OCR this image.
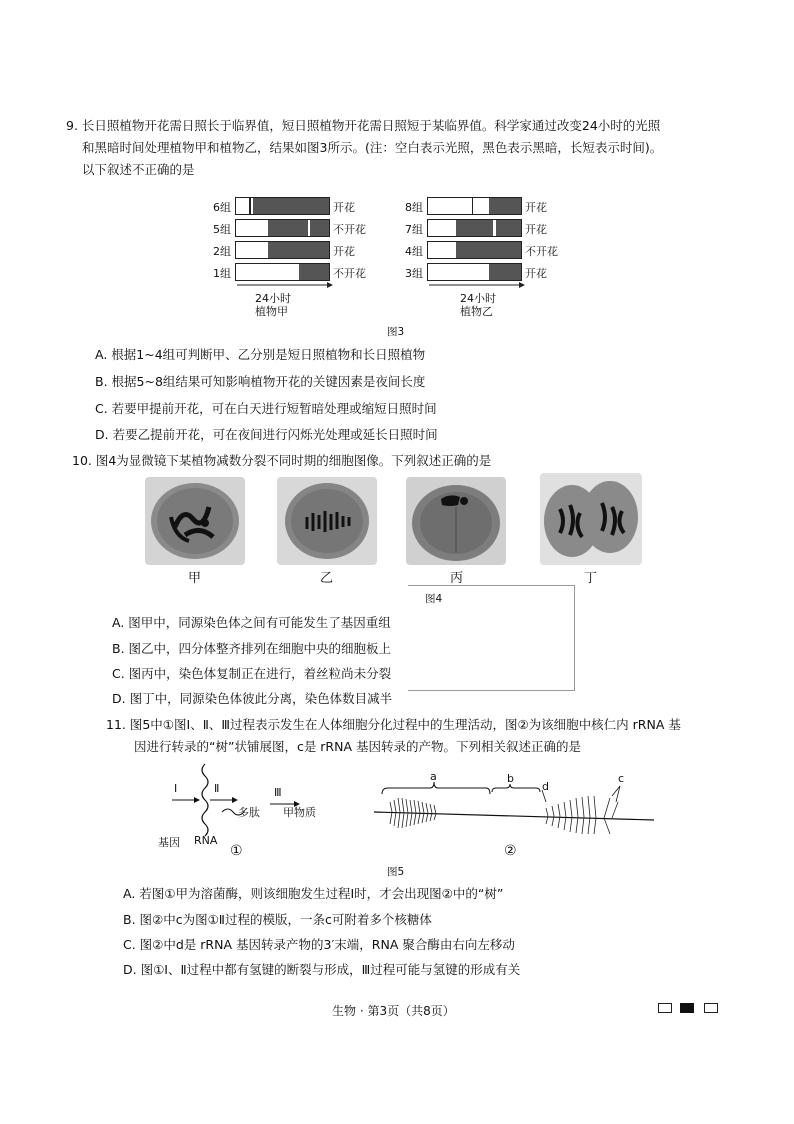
9. 长日照植物开花需日照长于临界值，短日照植物开花需日照短于某临界值。科学家通过改变24小时的光照
和黑暗时间处理植物甲和植物乙，结果如图3所示。(注：空白表示光照，黑色表示黑暗，长短表示时间)。
以下叙述不正确的是
6组	开花
5组	不开花
2组	开花
1组	不开花
8组	开花
7组	开花
4组	不开花
3组	开花
24小时
植物甲
24小时
植物乙
图3
A. 根据1~4组可判断甲、乙分别是短日照植物和长日照植物
B. 根据5~8组结果可知影响植物开花的关键因素是夜间长度
C. 若要甲提前开花，可在白天进行短暂暗处理或缩短日照时间
D. 若要乙提前开花，可在夜间进行闪烁光处理或延长日照时间
10. 图4为显微镜下某植物减数分裂不同时期的细胞图像。下列叙述正确的是
甲	乙	丙	丁
图4
A. 图甲中，同源染色体之间有可能发生了基因重组
B. 图乙中，四分体整齐排列在细胞中央的细胞板上
C. 图丙中，染色体复制正在进行，着丝粒尚未分裂
D. 图丁中，同源染色体彼此分离，染色体数目减半
11. 图5中①图Ⅰ、Ⅱ、Ⅲ过程表示发生在人体细胞分化过程中的生理活动，图②为该细胞中核仁内 rRNA 基
因进行转录的“树”状铺展图，c是 rRNA 基因转录的产物。下列相关叙述正确的是
Ⅰ	Ⅱ
多肽
Ⅲ
甲物质
基因 RNA
①
a	b
d
c
②
图5
A. 若图①甲为溶菌酶，则该细胞发生过程Ⅰ时，才会出现图②中的“树”
B. 图②中c为图①Ⅱ过程的模版，一条c可附着多个核糖体
C. 图②中d是 rRNA 基因转录产物的3′末端，RNA 聚合酶由右向左移动
D. 图①Ⅰ、Ⅱ过程中都有氢键的断裂与形成，Ⅲ过程可能与氢键的形成有关
生物 · 第3页（共8页）
